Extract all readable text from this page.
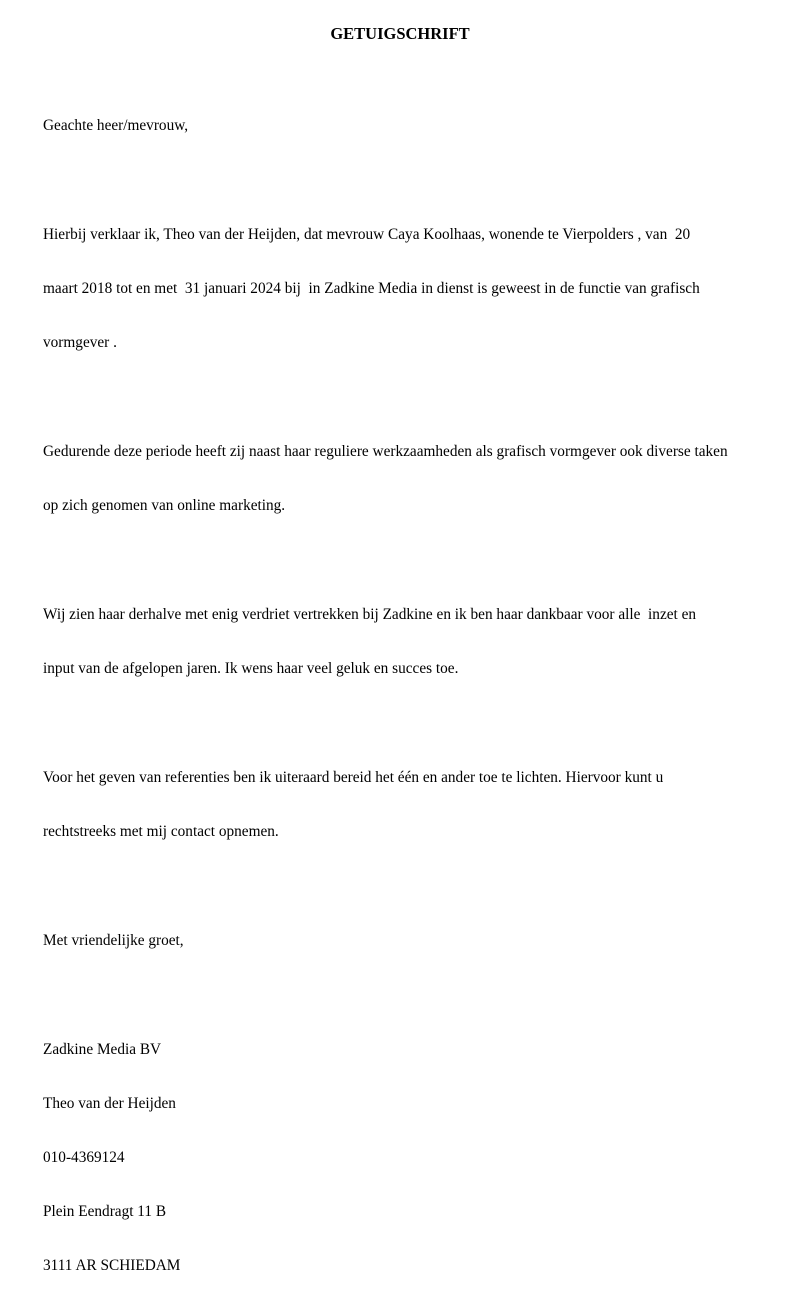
GETUIGSCHRIFT

Geachte heer/mevrouw,

Hierbij verklaar ik, Theo van der Heijden, dat mevrouw Caya Koolhaas, wonende te Vierpolders , van  20

maart 2018 tot en met  31 januari 2024 bij  in Zadkine Media in dienst is geweest in de functie van grafisch

vormgever .

Gedurende deze periode heeft zij naast haar reguliere werkzaamheden als grafisch vormgever ook diverse taken

op zich genomen van online marketing.

Wij zien haar derhalve met enig verdriet vertrekken bij Zadkine en ik ben haar dankbaar voor alle  inzet en

input van de afgelopen jaren. Ik wens haar veel geluk en succes toe.

Voor het geven van referenties ben ik uiteraard bereid het één en ander toe te lichten. Hiervoor kunt u

rechtstreeks met mij contact opnemen.

Met vriendelijke groet,

Zadkine Media BV

Theo van der Heijden

010-4369124

Plein Eendragt 11 B

3111 AR SCHIEDAM
